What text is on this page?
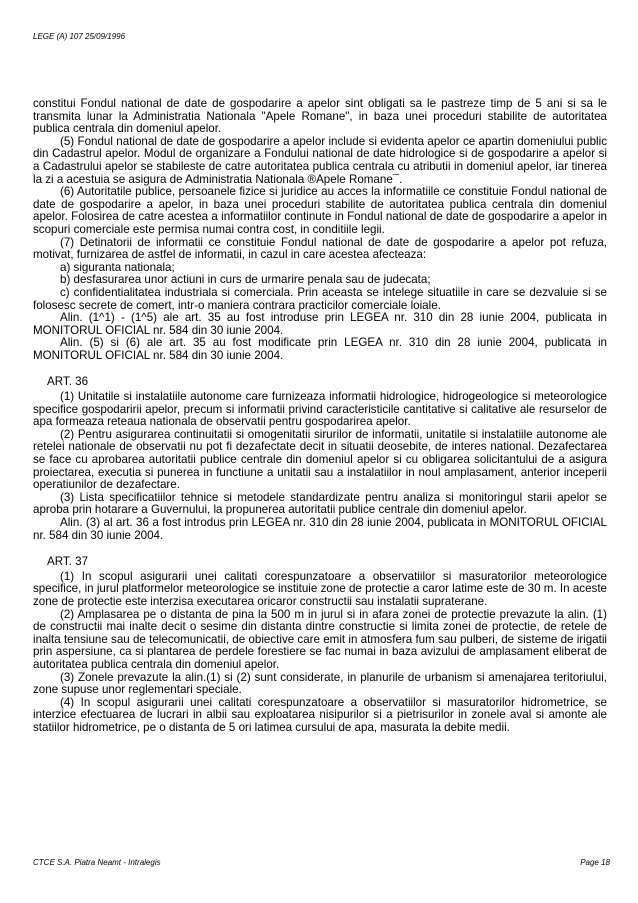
LEGE (A) 107 25/09/1996

constitui Fondul national de date de gospodarire a apelor sint obligati sa le pastreze timp de 5 ani si sa le transmita lunar la Administratia Nationala "Apele Romane", in baza unei proceduri stabilite de autoritatea publica centrala din domeniul apelor.

(5) Fondul national de date de gospodarire a apelor include si evidenta apelor ce apartin domeniului public din Cadastrul apelor. Modul de organizare a Fondului national de date hidrologice si de gospodarire a apelor si a Cadastrului apelor se stabileste de catre autoritatea publica centrala cu atributii in domeniul apelor, iar tinerea la zi a acestuia se asigura de Administratia Nationala ®Apele Romane¯.

(6) Autoritatile publice, persoanele fizice si juridice au acces la informatiile ce constituie Fondul national de date de gospodarire a apelor, in baza unei proceduri stabilite de autoritatea publica centrala din domeniul apelor. Folosirea de catre acestea a informatiilor continute in Fondul national de date de gospodarire a apelor in scopuri comerciale este permisa numai contra cost, in conditiile legii.

(7) Detinatorii de informatii ce constituie Fondul national de date de gospodarire a apelor pot refuza, motivat, furnizarea de astfel de informatii, in cazul in care acestea afecteaza:

a) siguranta nationala;

b) desfasurarea unor actiuni in curs de urmarire penala sau de judecata;

c) confidentialitatea industriala si comerciala. Prin aceasta se intelege situatiile in care se dezvaluie si se folosesc secrete de comert, intr-o maniera contrara practicilor comerciale loiale.

Alin. (1^1) - (1^5) ale art. 35 au fost introduse prin LEGEA nr. 310 din 28 iunie 2004, publicata in MONITORUL OFICIAL nr. 584 din 30 iunie 2004.

Alin. (5) si (6) ale art. 35 au fost modificate prin LEGEA nr. 310 din 28 iunie 2004, publicata in MONITORUL OFICIAL nr. 584 din 30 iunie 2004.

ART. 36

(1) Unitatile si instalatiile autonome care furnizeaza informatii hidrologice, hidrogeologice si meteorologice specifice gospodaririi apelor, precum si informatii privind caracteristicile cantitative si calitative ale resurselor de apa formeaza reteaua nationala de observatii pentru gospodarirea apelor.

(2) Pentru asigurarea continuitatii si omogenitatii sirurilor de informatii, unitatile si instalatiile autonome ale retelei nationale de observatii nu pot fi dezafectate decit in situatii deosebite, de interes national. Dezafectarea se face cu aprobarea autoritatii publice centrale din domeniul apelor si cu obligarea solicitantului de a asigura proiectarea, executia si punerea in functiune a unitatii sau a instalatiilor in noul amplasament, anterior inceperii operatiunilor de dezafectare.

(3) Lista specificatiilor tehnice si metodele standardizate pentru analiza si monitoringul starii apelor se aproba prin hotarare a Guvernului, la propunerea autoritatii publice centrale din domeniul apelor.

Alin. (3) al art. 36 a fost introdus prin LEGEA nr. 310 din 28 iunie 2004, publicata in MONITORUL OFICIAL nr. 584 din 30 iunie 2004.

ART. 37

(1) In scopul asigurarii unei calitati corespunzatoare a observatiilor si masuratorilor meteorologice specifice, in jurul platformelor meteorologice se instituie zone de protectie a caror latime este de 30 m. In aceste zone de protectie este interzisa executarea oricaror constructii sau instalatii supraterane.

(2) Amplasarea pe o distanta de pina la 500 m in jurul si in afara zonei de protectie prevazute la alin. (1) de constructii mai inalte decit o sesime din distanta dintre constructie si limita zonei de protectie, de retele de inalta tensiune sau de telecomunicatii, de obiective care emit in atmosfera fum sau pulberi, de sisteme de irigatii prin aspersiune, ca si plantarea de perdele forestiere se fac numai in baza avizului de amplasament eliberat de autoritatea publica centrala din domeniul apelor.

(3) Zonele prevazute la alin.(1) si (2) sunt considerate, in planurile de urbanism si amenajarea teritoriului, zone supuse unor reglementari speciale.

(4) In scopul asigurarii unei calitati corespunzatoare a observatiilor si masuratorilor hidrometrice, se interzice efectuarea de lucrari in albii sau exploatarea nisipurilor si a pietrisurilor in zonele aval si amonte ale statiilor hidrometrice, pe o distanta de 5 ori latimea cursului de apa, masurata la debite medii.

CTCE S.A. Piatra Neamt - Intralegis	Page 18
